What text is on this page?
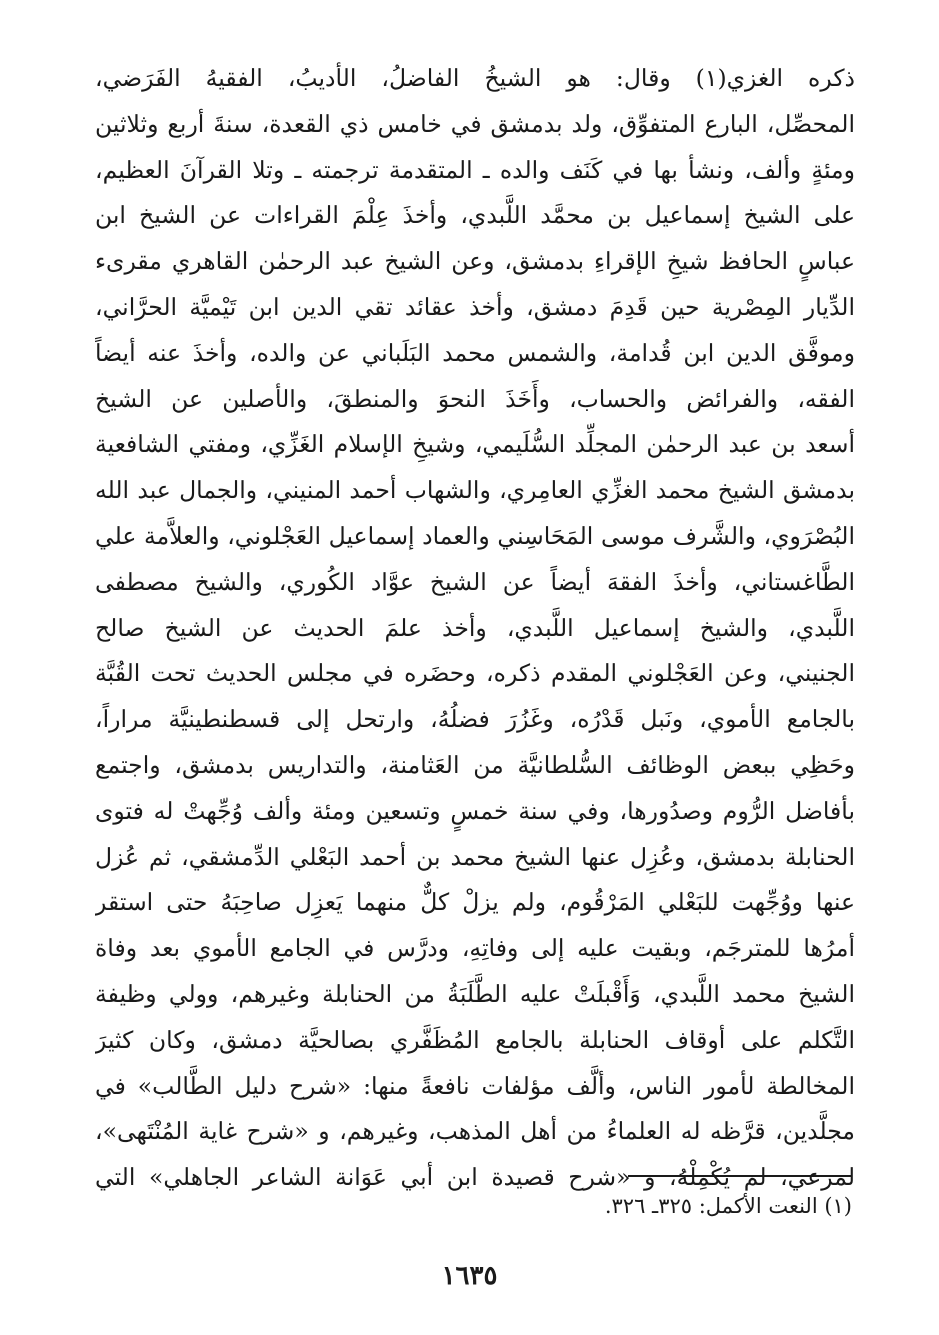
ذكره الغزي(١) وقال: هو الشيخُ الفاضلُ، الأديبُ، الفقيهُ الفَرَضي،
المحصِّل، البارع المتفوِّق، ولد بدمشق في خامس ذي القعدة، سنةَ أربع وثلاثين
ومئةٍ وألف، ونشأ بها في كَنَف والده ـ المتقدمة ترجمته ـ وتلا القرآنَ العظيم،
على الشيخ إسماعيل بن محمَّد اللَّبدي، وأخذَ عِلْمَ القراءات عن الشيخ ابن
عباسٍ الحافظ شيخِ الإقراءِ بدمشق، وعن الشيخ عبد الرحمٰن القاهري مقرىء
الدِّيار المِصْرية حين قَدِمَ دمشق، وأخذ عقائد تقي الدين ابن تَيْميَّة الحرَّاني،
وموفَّق الدين ابن قُدامة، والشمس محمد البَلَباني عن والده، وأخذَ عنه أيضاً
الفقه، والفرائض والحساب، وأَخَذَ النحوَ والمنطقَ، والأصلين عن الشيخ
أسعد بن عبد الرحمٰن المجلِّد السُّلَيمي، وشيخِ الإسلام الغَزِّي، ومفتي الشافعية
بدمشق الشيخ محمد الغزِّي العامِري، والشهاب أحمد المنيني، والجمال عبد الله
البُصْرَوي، والشَّرف موسى المَحَاسِني والعماد إسماعيل العَجْلوني، والعلاَّمة علي
الطَّاغستاني، وأخذَ الفقهَ أيضاً عن الشيخ عوَّاد الكُوري، والشيخ مصطفى
اللَّبدي، والشيخ إسماعيل اللَّبدي، وأخذ علمَ الحديث عن الشيخ صالح
الجنيني، وعن العَجْلوني المقدم ذكره، وحضَره في مجلس الحديث تحت القُبَّة
بالجامع الأموي، ونَبل قَدْرُه، وغَزُرَ فضلُهُ، وارتحل إلى قسطنطينيَّة مراراً،
وحَظِي ببعض الوظائف السُّلطانيَّة من العَثامنة، والتداريس بدمشق، واجتمع
بأفاضل الرُّوم وصدُورها، وفي سنة خمسٍ وتسعين ومئة وألف وُجِّهتْ له فتوى
الحنابلة بدمشق، وعُزِل عنها الشيخ محمد بن أحمد البَعْلي الدِّمشقي، ثم عُزل
عنها ووُجِّهت للبَعْلي المَرْقُوم، ولم يزلْ كلٌّ منهما يَعزِل صاحِبَهُ حتى استقر
أمرُها للمترجَم، وبقيت عليه إلى وفاتِهِ، ودرَّس في الجامع الأموي بعد وفاة
الشيخ محمد اللَّبدي، وَأَقْبلَتْ عليه الطَّلَبَةُ من الحنابلة وغيرهم، وولي وظيفة
التَّكلم على أوقاف الحنابلة بالجامع المُظَفَّري بصالحيَّة دمشق، وكان كثيرَ
المخالطة لأمور الناس، وألَّف مؤلفات نافعةً منها: «شرح دليل الطَّالب» في
مجلَّدين، قرَّظه له العلماءُ من أهل المذهب، وغيرهم، و «شرح غاية المُنْتَهى»،
لمرعي، لم يُكْمِلْهُ، و «شرح قصيدة ابن أبي عَوَانة الشاعر الجاهلي» التي
(١) النعت الأكمل: ٣٢٥ـ ٣٢٦.
١٦٣٥
